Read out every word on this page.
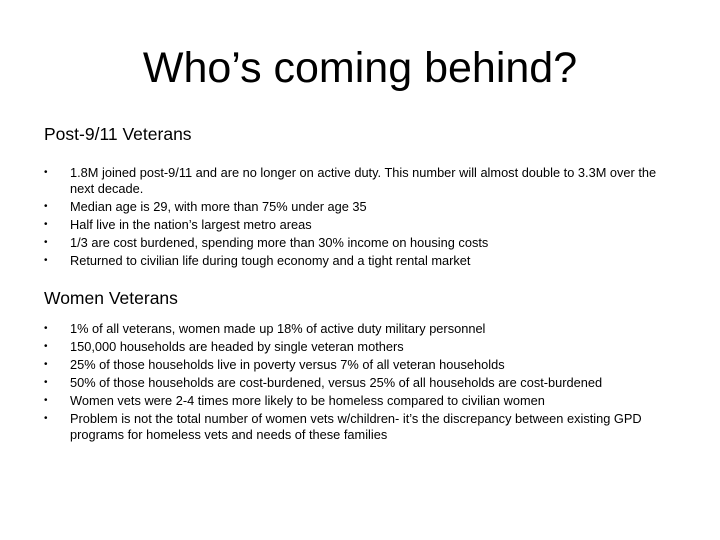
Who’s coming behind?
Post-9/11 Veterans
•	1.8M joined post-9/11 and are no longer on active duty. This number will almost double to 3.3M over the next decade.
•	Median age is 29, with more than 75% under age 35
•	Half live in the nation’s largest metro areas
•	1/3 are cost burdened, spending more than 30% income on housing costs
•	Returned to civilian life during tough economy and a tight rental market
Women Veterans
•	1% of all veterans, women made up 18% of active duty military personnel
•	150,000 households are headed by single veteran mothers
•	25% of those households live in poverty versus 7% of all veteran households
•	50% of those households are cost-burdened, versus 25% of all households are cost-burdened
•	Women vets were 2-4 times more likely to be homeless compared to civilian women
•	Problem is not the total number of women vets w/children- it’s the discrepancy between existing GPD programs for homeless vets and needs of these families
